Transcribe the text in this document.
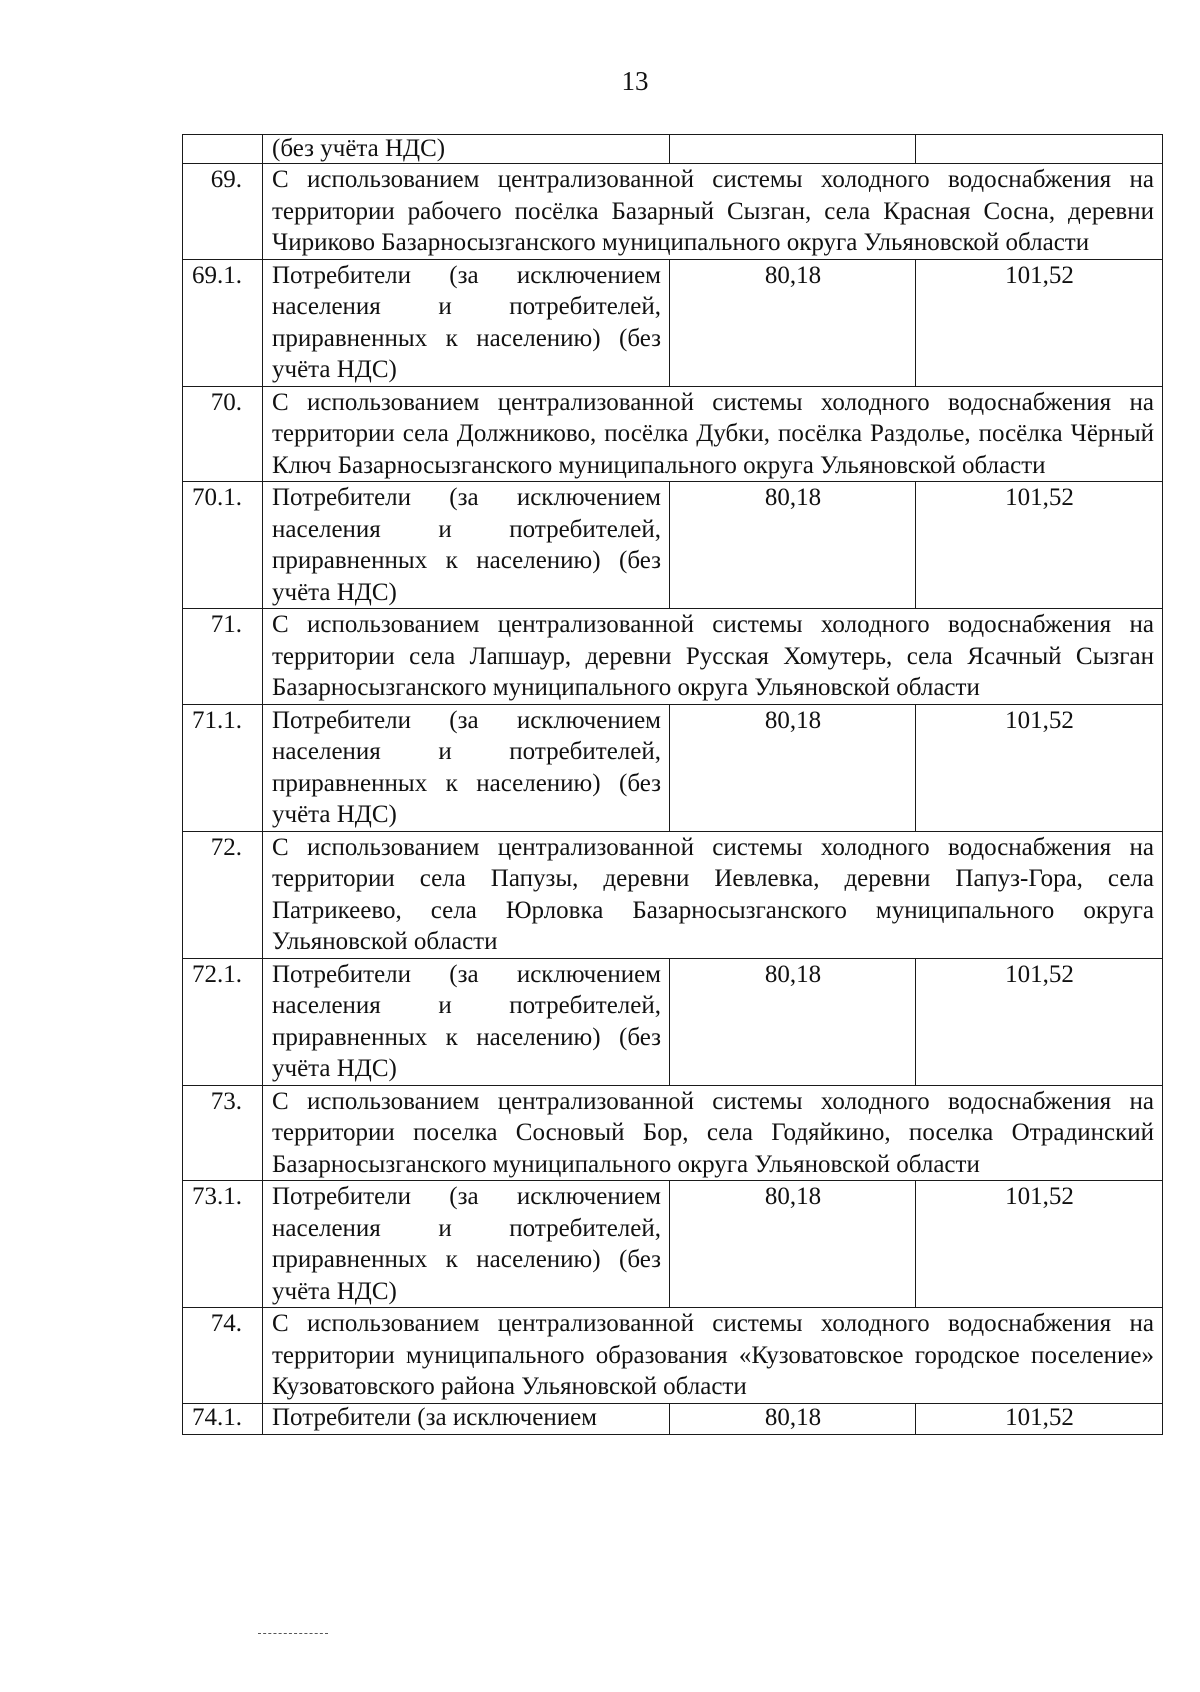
13
	(без учёта НДС)		
69.	С использованием централизованной системы холодного водоснабжения на территории рабочего посёлка Базарный Сызган, села Красная Сосна, деревни Чириково Базарносызганского муниципального округа Ульяновской области		
69.1.	Потребители (за исключением населения и потребителей, приравненных к населению) (без учёта НДС)	80,18	101,52
70.	С использованием централизованной системы холодного водоснабжения на территории села Должниково, посёлка Дубки, посёлка Раздолье, посёлка Чёрный Ключ Базарносызганского муниципального округа Ульяновской области		
70.1.	Потребители (за исключением населения и потребителей, приравненных к населению) (без учёта НДС)	80,18	101,52
71.	С использованием централизованной системы холодного водоснабжения на территории села Лапшаур, деревни Русская Хомутерь, села Ясачный Сызган Базарносызганского муниципального округа Ульяновской области		
71.1.	Потребители (за исключением населения и потребителей, приравненных к населению) (без учёта НДС)	80,18	101,52
72.	С использованием централизованной системы холодного водоснабжения на территории села Папузы, деревни Иевлевка, деревни Папуз-Гора, села Патрикеево, села Юрловка Базарносызганского муниципального округа Ульяновской области		
72.1.	Потребители (за исключением населения и потребителей, приравненных к населению) (без учёта НДС)	80,18	101,52
73.	С использованием централизованной системы холодного водоснабжения на территории поселка Сосновый Бор, села Годяйкино, поселка Отрадинский Базарносызганского муниципального округа Ульяновской области		
73.1.	Потребители (за исключением населения и потребителей, приравненных к населению) (без учёта НДС)	80,18	101,52
74.	С использованием централизованной системы холодного водоснабжения на территории муниципального образования «Кузоватовское городское поселение» Кузоватовского района Ульяновской области		
74.1.	Потребители (за исключением	80,18	101,52
